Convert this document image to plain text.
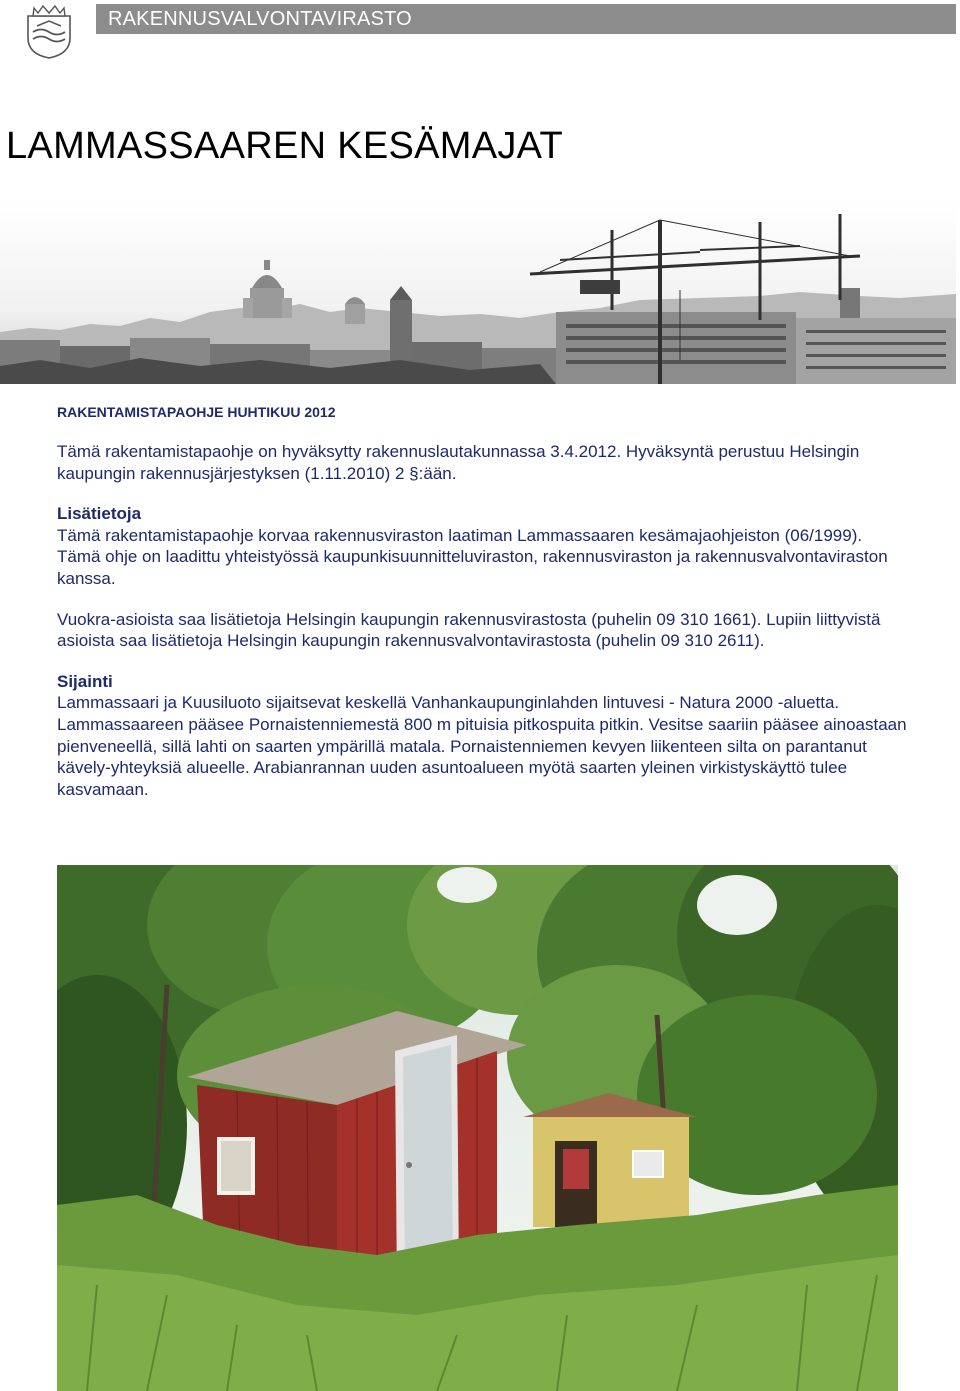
RAKENNUSVALVONTAVIRASTO
LAMMASSAAREN KESÄMAJAT
RAKENTAMISTAPAOHJE HUHTIKUU 2012

Tämä rakentamistapaohje on hyväksytty rakennuslautakunnassa 3.4.2012. Hyväksyntä perustuu Helsingin kaupungin rakennusjärjestyksen (1.11.2010) 2 §:ään.

Lisätietoja
Tämä rakentamistapaohje korvaa rakennusviraston laatiman Lammassaaren kesämajaohjeiston (06/1999). Tämä ohje on laadittu yhteistyössä kaupunkisuunnitteluviraston, rakennusviraston ja rakennusvalvontaviraston kanssa.

Vuokra-asioista saa lisätietoja Helsingin kaupungin rakennusvirastosta (puhelin 09 310 1661). Lupiin liittyvistä asioista saa lisätietoja Helsingin kaupungin rakennusvalvontavirastosta (puhelin 09 310 2611).

Sijainti
Lammassaari ja Kuusiluoto sijaitsevat keskellä Vanhankaupunginlahden lintuvesi - Natura 2000 -aluetta. Lammassaareen pääsee Pornaistenniemestä 800 m pituisia pitkospuita pitkin. Vesitse saariin pääsee ainoastaan pienveneellä, sillä lahti on saarten ympärillä matala. Pornaistenniemen kevyen liikenteen silta on parantanut kävely-yhteyksiä alueelle. Arabianrannan uuden asuntoalueen myötä saarten yleinen virkistyskäyttö tulee kasvamaan.
